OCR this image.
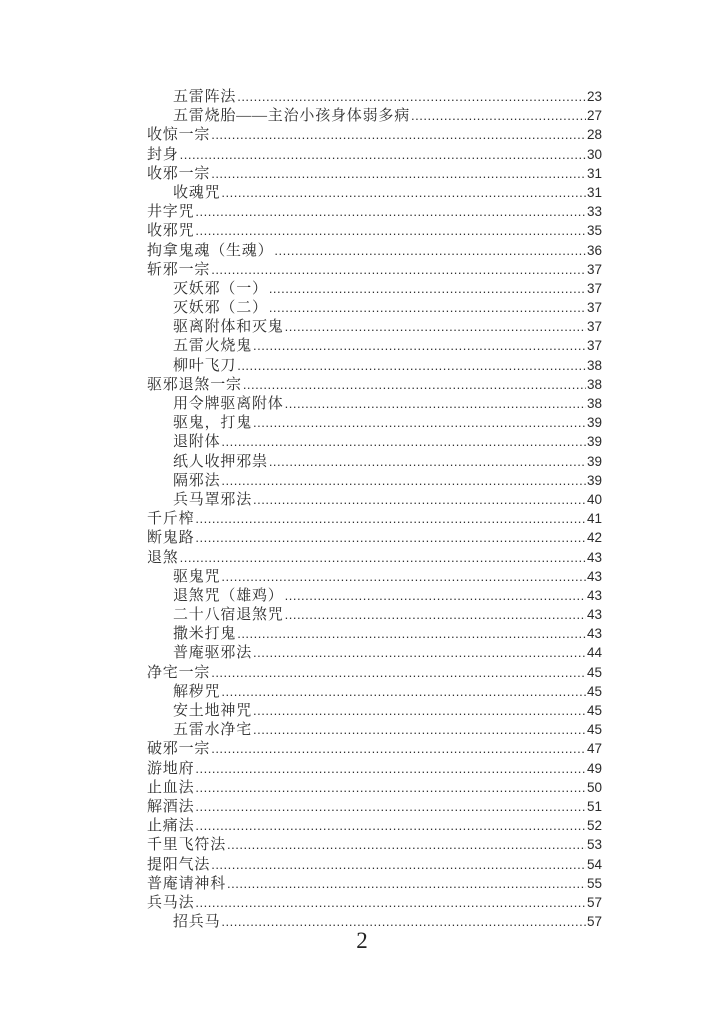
五雷阵法 .....	23
五雷烧胎——主治小孩身体弱多病 .....	27
收惊一宗 .....	28
封身 .....	30
收邪一宗 .....	31
收魂咒 .....	31
井字咒 .....	33
收邪咒 .....	35
拘拿鬼魂（生魂） .....	36
斩邪一宗 .....	37
灭妖邪（一） .....	37
灭妖邪（二） .....	37
驱离附体和灭鬼 .....	37
五雷火烧鬼 .....	37
柳叶飞刀 .....	38
驱邪退煞一宗 .....	38
用令牌驱离附体 .....	38
驱鬼，打鬼 .....	39
退附体 .....	39
纸人收押邪祟 .....	39
隔邪法 .....	39
兵马罩邪法 .....	40
千斤榨 .....	41
断鬼路 .....	42
退煞 .....	43
驱鬼咒 .....	43
退煞咒（雄鸡） .....	43
二十八宿退煞咒 .....	43
撒米打鬼 .....	43
普庵驱邪法 .....	44
净宅一宗 .....	45
解秽咒 .....	45
安土地神咒 .....	45
五雷水净宅 .....	45
破邪一宗 .....	47
游地府 .....	49
止血法 .....	50
解酒法 .....	51
止痛法 .....	52
千里飞符法 .....	53
提阳气法 .....	54
普庵请神科 .....	55
兵马法 .....	57
招兵马 .....	57
2
